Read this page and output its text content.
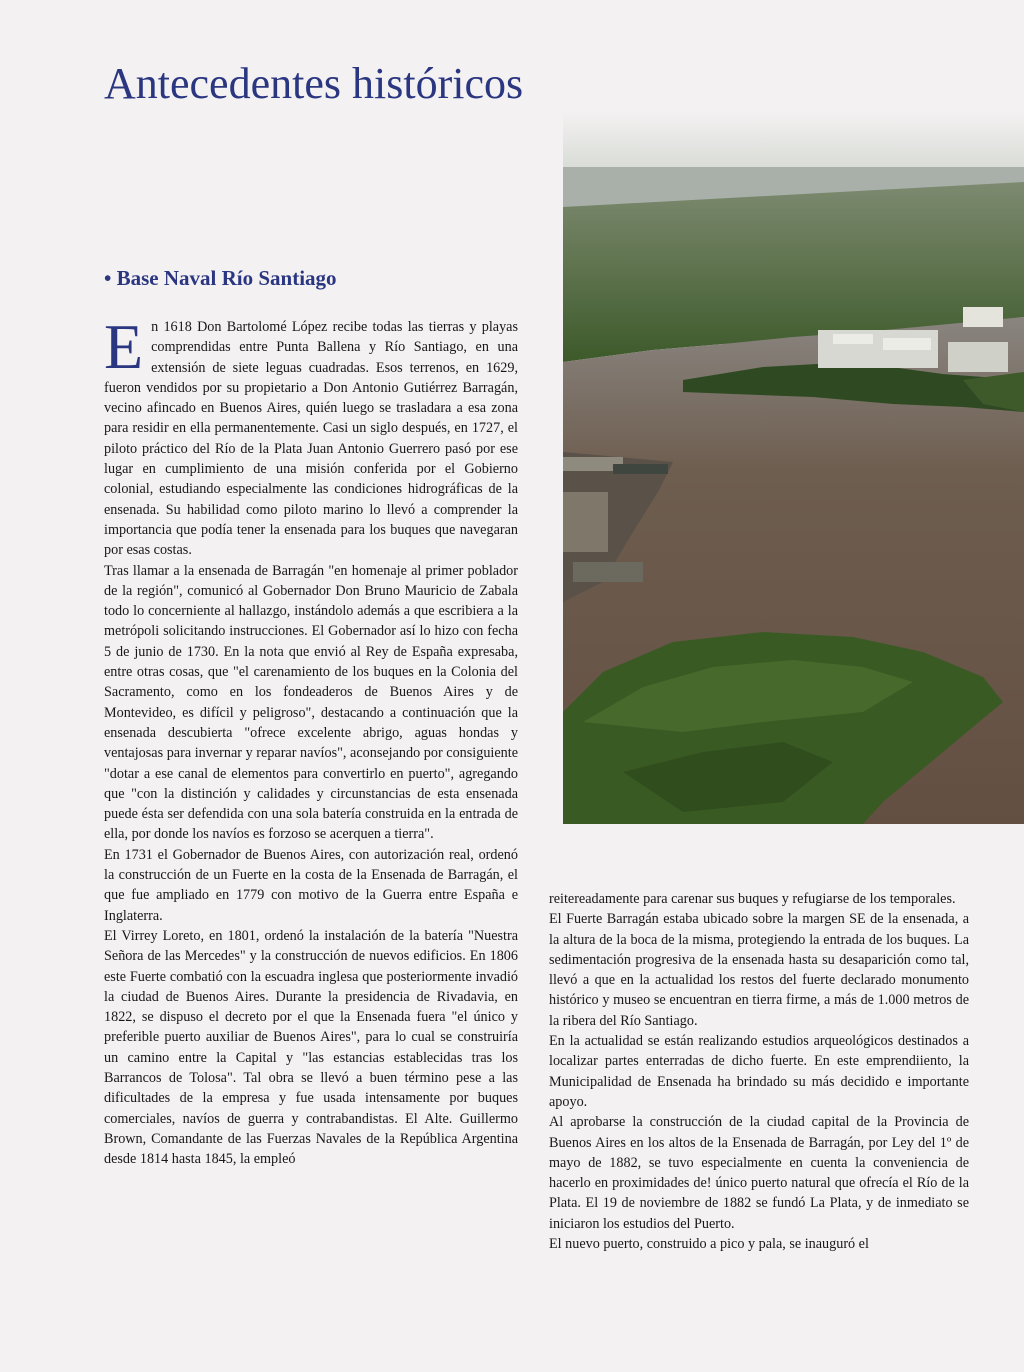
Antecedentes históricos
• Base Naval Río Santiago

En 1618 Don Bartolomé López recibe todas las tierras y playas comprendidas entre Punta Ballena y Río Santiago, en una extensión de siete leguas cuadradas. Esos terrenos, en 1629, fueron vendidos por su propietario a Don Antonio Gutiérrez Barragán, vecino afincado en Buenos Aires, quién luego se trasladara a esa zona para residir en ella permanentemente. Casi un siglo después, en 1727, el piloto práctico del Río de la Plata Juan Antonio Guerrero pasó por ese lugar en cumplimiento de una misión conferida por el Gobierno colonial, estudiando especialmente las condiciones hidrográficas de la ensenada. Su habilidad como piloto marino lo llevó a comprender la importancia que podía tener la ensenada para los buques que navegaran por esas costas.

Tras llamar a la ensenada de Barragán "en homenaje al primer poblador de la región", comunicó al Gobernador Don Bruno Mauricio de Zabala todo lo concerniente al hallazgo, instándolo además a que escribiera a la metrópoli solicitando instrucciones. El Gobernador así lo hizo con fecha 5 de junio de 1730. En la nota que envió al Rey de España expresaba, entre otras cosas, que "el carenamiento de los buques en la Colonia del Sacramento, como en los fondeaderos de Buenos Aires y de Montevideo, es difícil y peligroso", destacando a continuación que la ensenada descubierta "ofrece excelente abrigo, aguas hondas y ventajosas para invernar y reparar navíos", aconsejando por consiguiente "dotar a ese canal de elementos para convertirlo en puerto", agregando que "con la distinción y calidades y circunstancias de esta ensenada puede ésta ser defendida con una sola batería construida en la entrada de ella, por donde los navíos es forzoso se acerquen a tierra".

En 1731 el Gobernador de Buenos Aires, con autorización real, ordenó la construcción de un Fuerte en la costa de la Ensenada de Barragán, el que fue ampliado en 1779 con motivo de la Guerra entre España e Inglaterra.

El Virrey Loreto, en 1801, ordenó la instalación de la batería "Nuestra Señora de las Mercedes" y la construcción de nuevos edificios. En 1806 este Fuerte combatió con la escuadra inglesa que posteriormente invadió la ciudad de Buenos Aires. Durante la presidencia de Rivadavia, en 1822, se dispuso el decreto por el que la Ensenada fuera "el único y preferible puerto auxiliar de Buenos Aires", para lo cual se construiría un camino entre la Capital y "las estancias establecidas tras los Barrancos de Tolosa". Tal obra se llevó a buen término pese a las dificultades de la empresa y fue usada intensamente por buques comerciales, navíos de guerra y contrabandistas. El Alte. Guillermo Brown, Comandante de las Fuerzas Navales de la República Argentina desde 1814 hasta 1845, la empleó

reitereadamente para carenar sus buques y refugiarse de los temporales.

El Fuerte Barragán estaba ubicado sobre la margen SE de la ensenada, a la altura de la boca de la misma, protegiendo la entrada de los buques. La sedimentación progresiva de la ensenada hasta su desaparición como tal, llevó a que en la actualidad los restos del fuerte declarado monumento histórico y museo se encuentran en tierra firme, a más de 1.000 metros de la ribera del Río Santiago.

En la actualidad se están realizando estudios arqueológicos destinados a localizar partes enterradas de dicho fuerte. En este emprendiiento, la Municipalidad de Ensenada ha brindado su más decidido e importante apoyo.

Al aprobarse la construcción de la ciudad capital de la Provincia de Buenos Aires en los altos de la Ensenada de Barragán, por Ley del 1º de mayo de 1882, se tuvo especialmente en cuenta la conveniencia de hacerlo en proximidades de! único puerto natural que ofrecía el Río de la Plata. El 19 de noviembre de 1882 se fundó La Plata, y de inmediato se iniciaron los estudios del Puerto.

El nuevo puerto, construido a pico y pala, se inauguró el
